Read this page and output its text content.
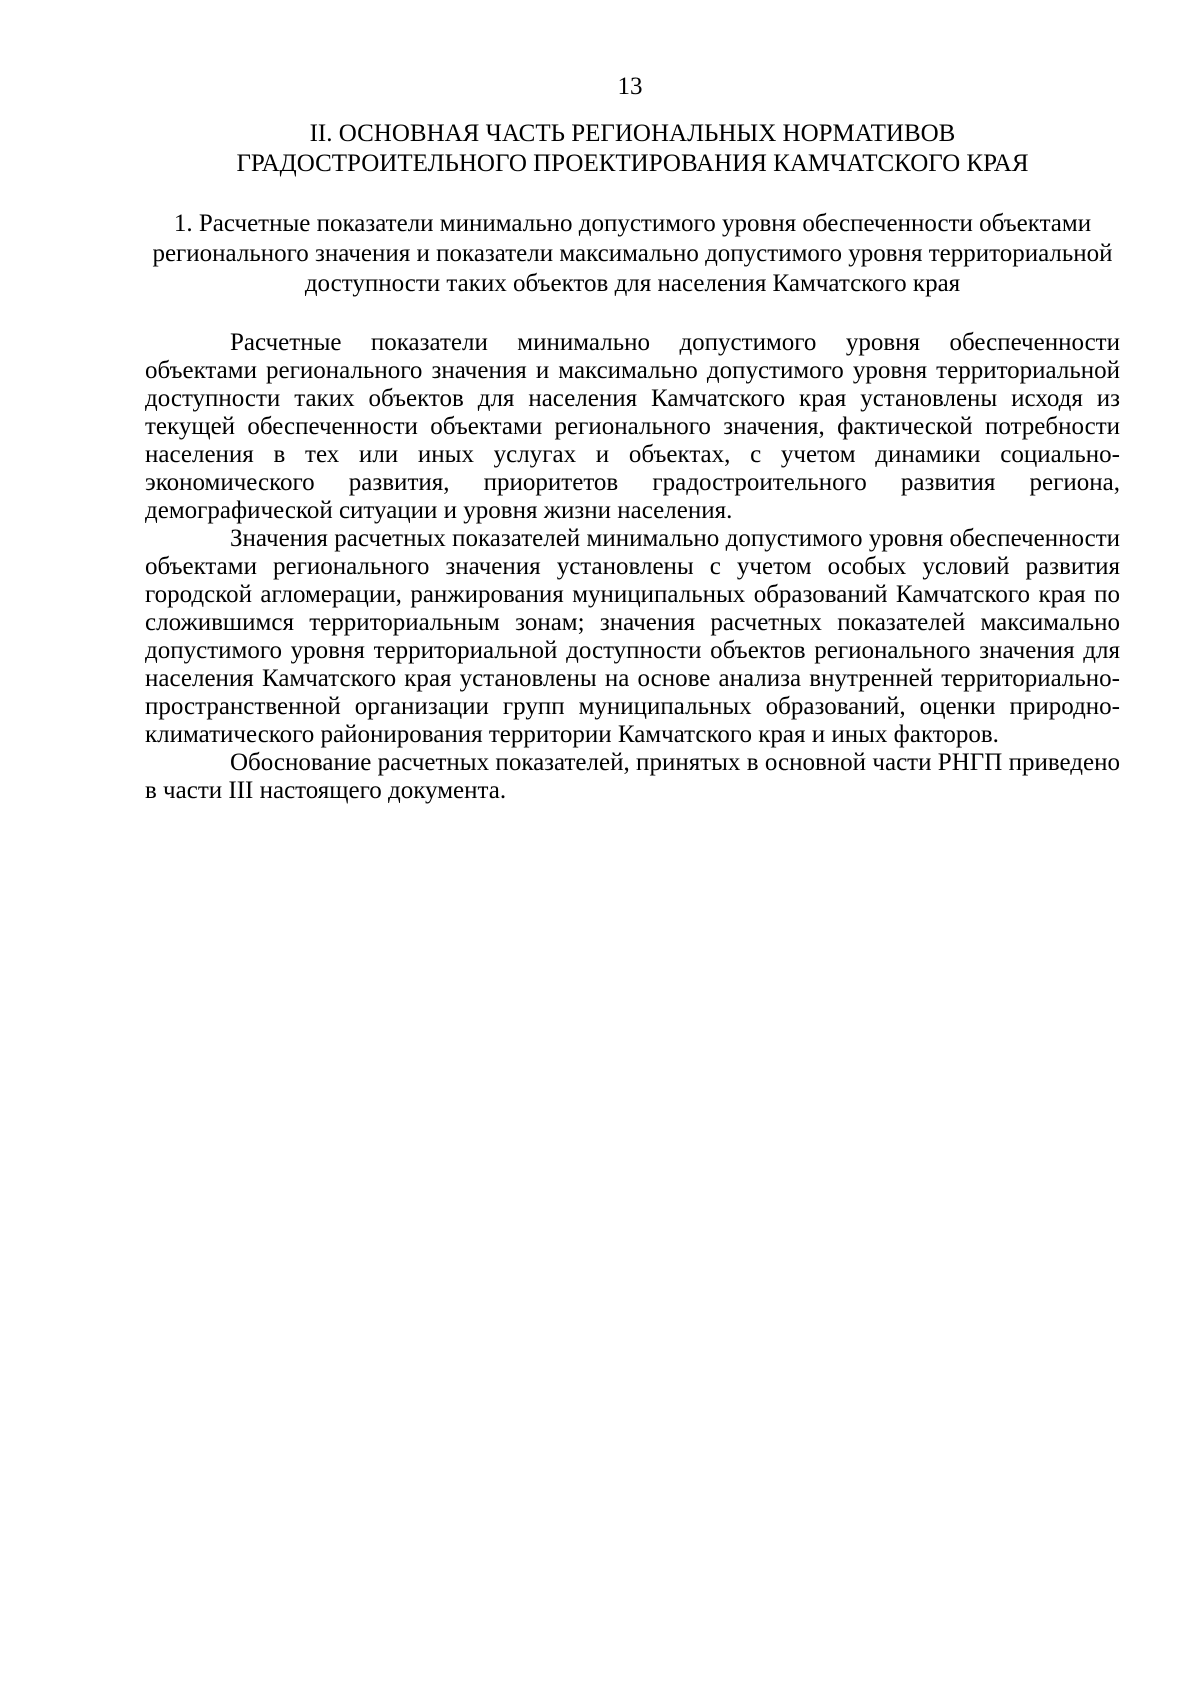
13
II. ОСНОВНАЯ ЧАСТЬ РЕГИОНАЛЬНЫХ НОРМАТИВОВ
ГРАДОСТРОИТЕЛЬНОГО ПРОЕКТИРОВАНИЯ КАМЧАТСКОГО КРАЯ
1. Расчетные показатели минимально допустимого уровня обеспеченности объектами
регионального значения и показатели максимально допустимого уровня территориальной
доступности таких объектов для населения Камчатского края

Расчетные показатели минимально допустимого уровня обеспеченности объектами регионального значения и максимально допустимого уровня территориальной доступности таких объектов для населения Камчатского края установлены исходя из текущей обеспеченности объектами регионального значения, фактической потребности населения в тех или иных услугах и объектах, с учетом динамики социально-экономического развития, приоритетов градостроительного развития региона, демографической ситуации и уровня жизни населения.

Значения расчетных показателей минимально допустимого уровня обеспеченности объектами регионального значения установлены с учетом особых условий развития городской агломерации, ранжирования муниципальных образований Камчатского края по сложившимся территориальным зонам; значения расчетных показателей максимально допустимого уровня территориальной доступности объектов регионального значения для населения Камчатского края установлены на основе анализа внутренней территориально-пространственной организации групп муниципальных образований, оценки природно-климатического районирования территории Камчатского края и иных факторов.

Обоснование расчетных показателей, принятых в основной части РНГП приведено в части III настоящего документа.
